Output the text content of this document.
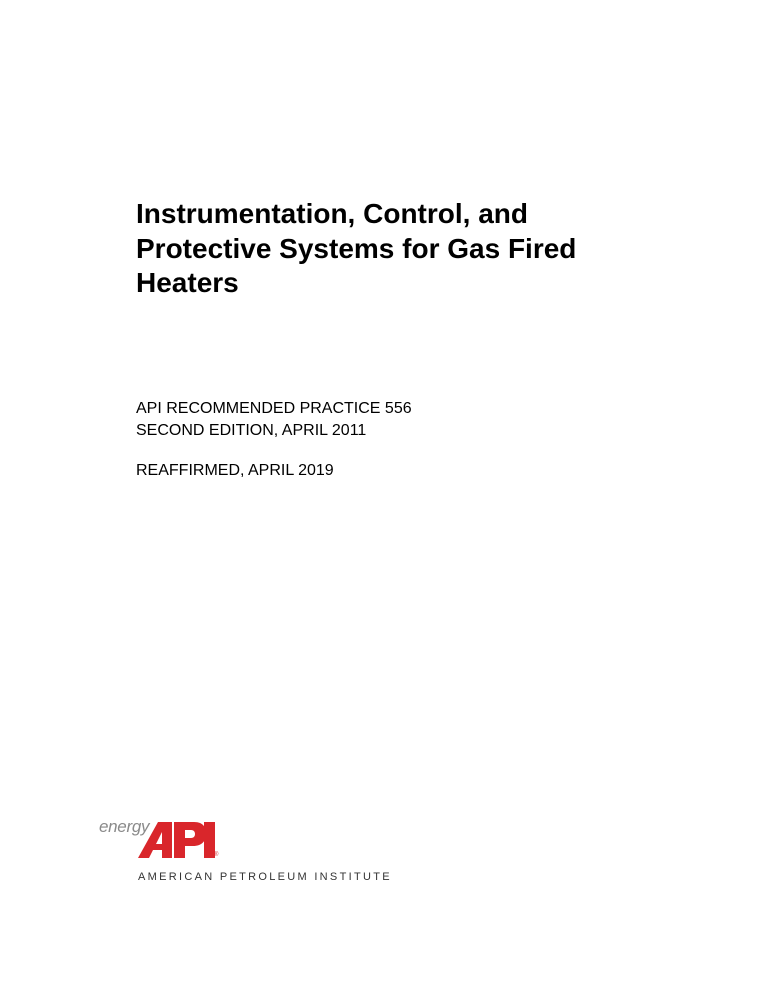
Instrumentation, Control, and
Protective Systems for Gas Fired
Heaters
API RECOMMENDED PRACTICE 556
SECOND EDITION, APRIL 2011
REAFFIRMED, APRIL 2019
energy
®
AMERICAN PETROLEUM INSTITUTE
